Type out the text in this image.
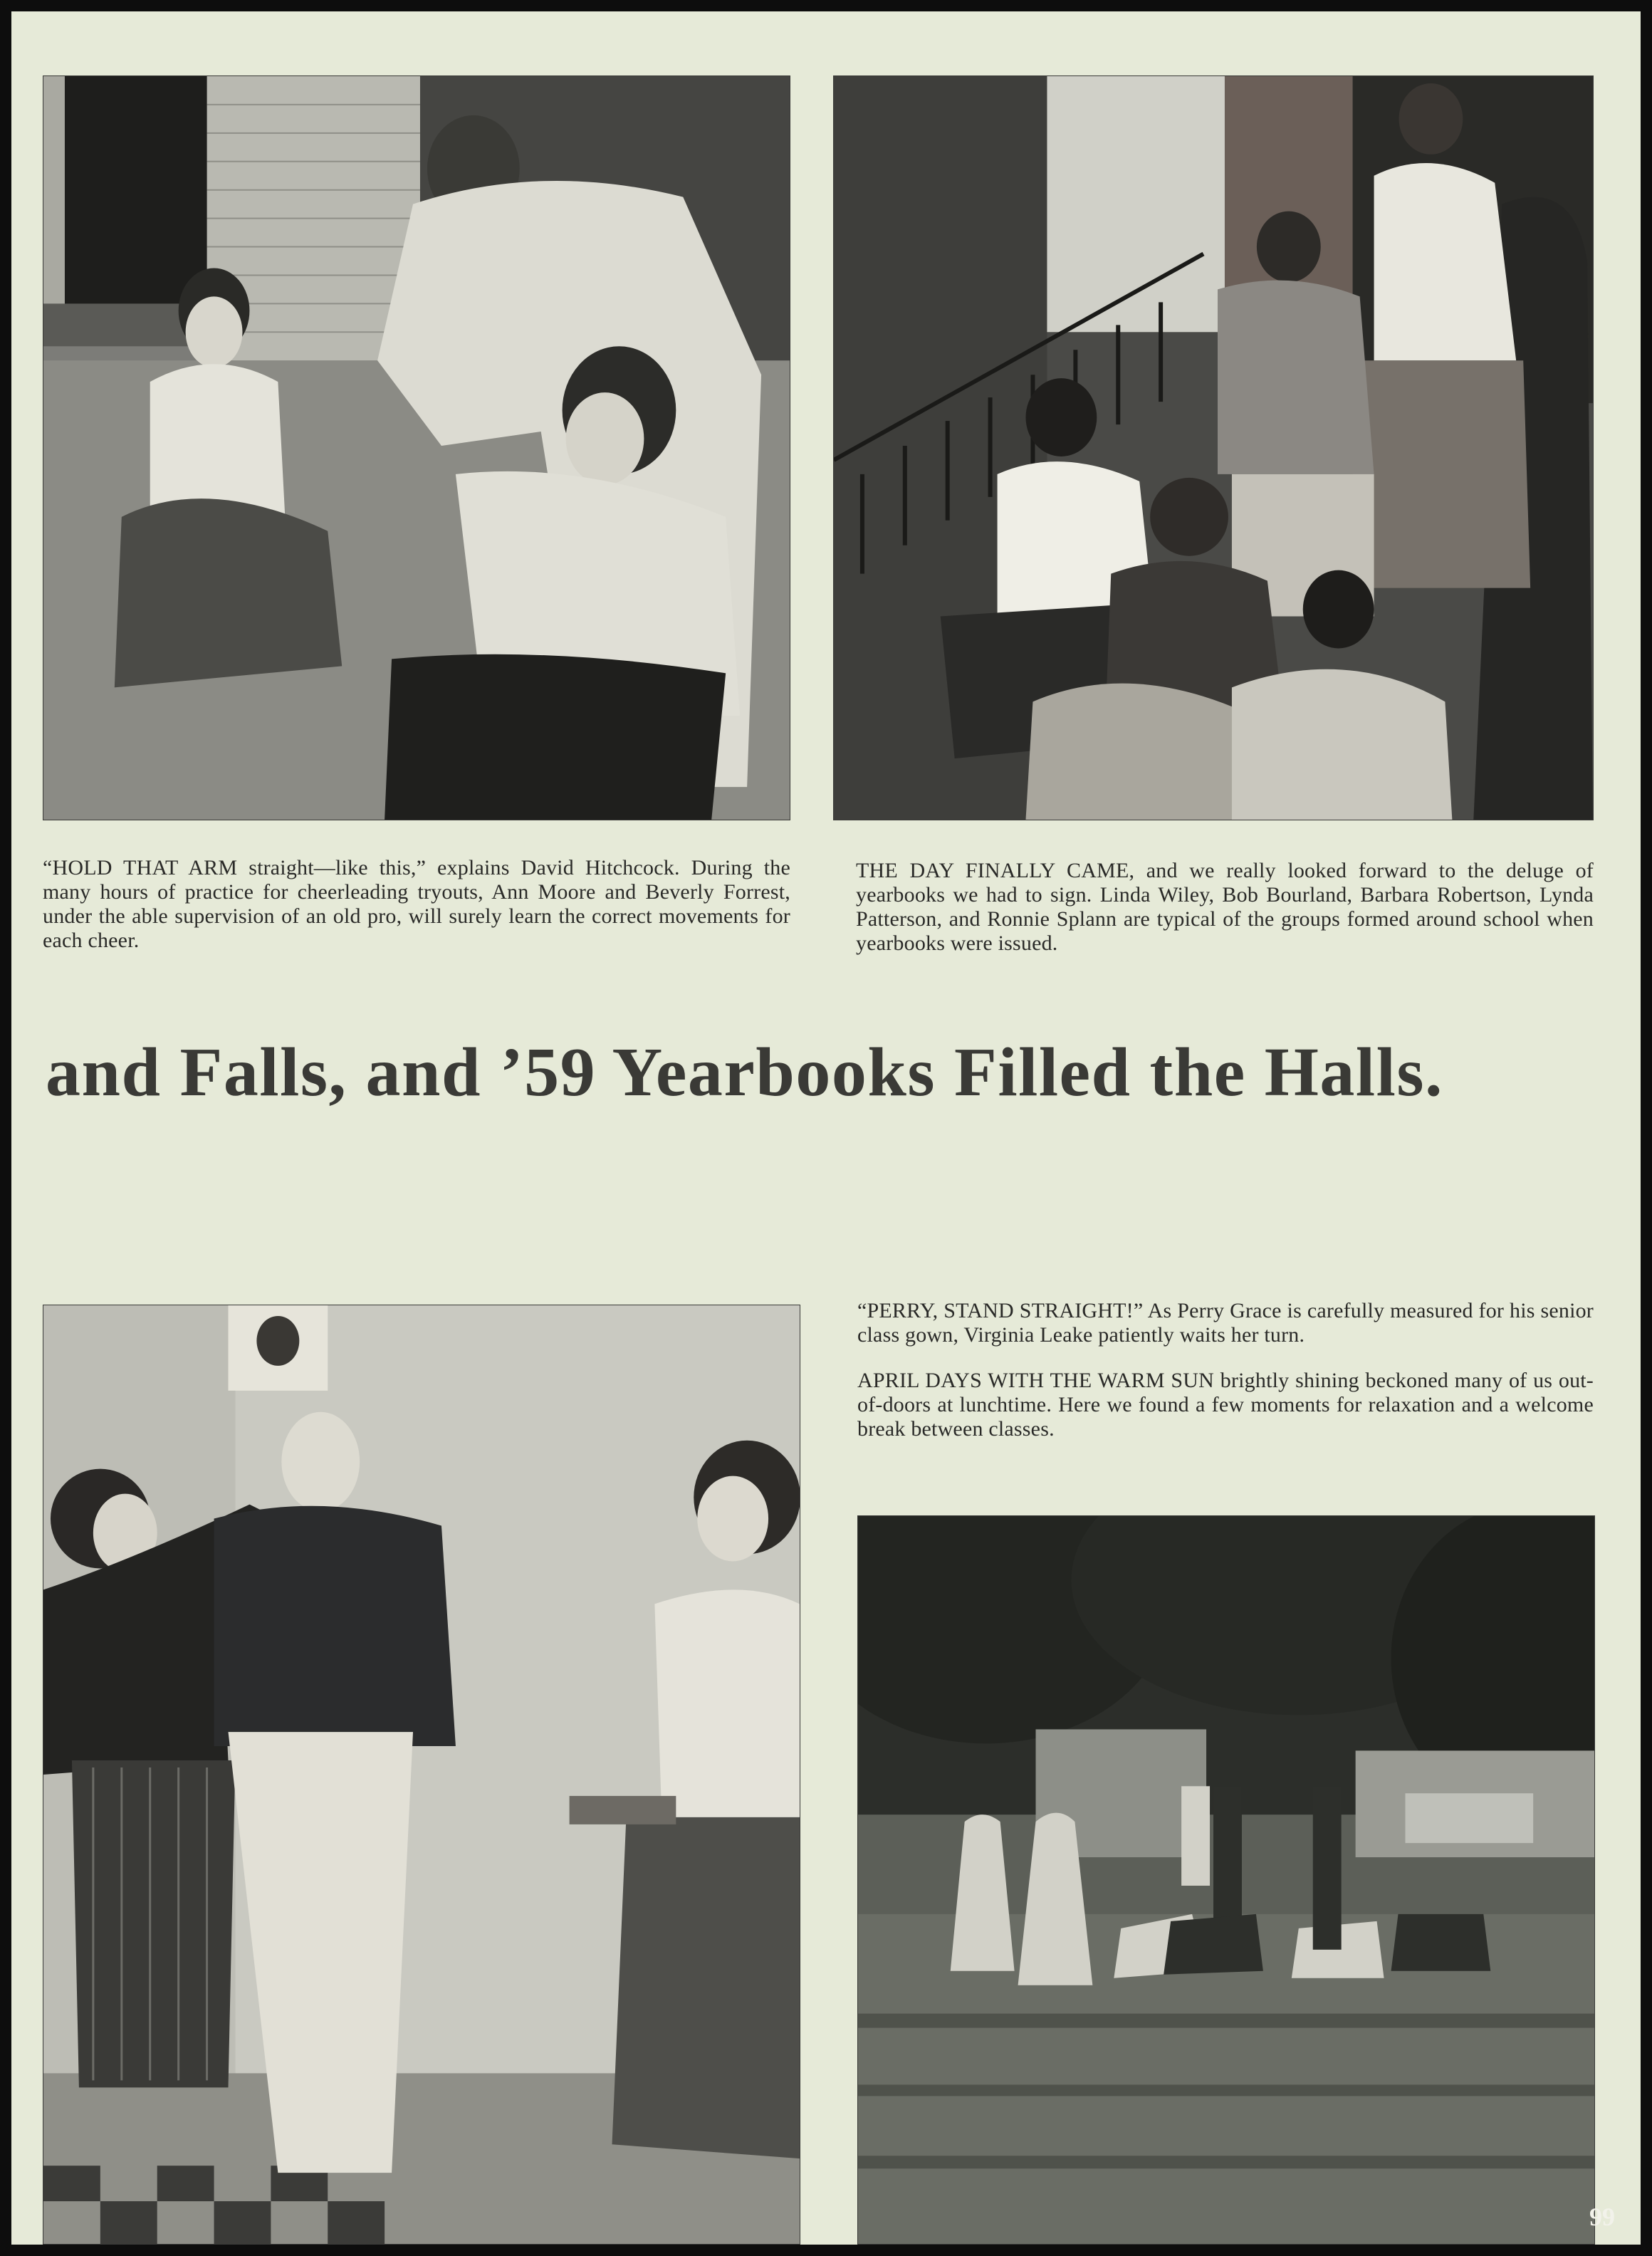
“HOLD THAT ARM straight—like this,” explains David Hitchcock. During the many hours of practice for cheerleading tryouts, Ann Moore and Beverly Forrest, under the able supervision of an old pro, will surely learn the correct movements for each cheer.

THE DAY FINALLY CAME, and we really looked forward to the deluge of yearbooks we had to sign. Linda Wiley, Bob Bourland, Barbara Robertson, Lynda Patterson, and Ronnie Splann are typical of the groups formed around school when yearbooks were issued.

and Falls, and ’59 Yearbooks Filled the Halls.

“PERRY, STAND STRAIGHT!” As Perry Grace is carefully measured for his senior class gown, Virginia Leake patiently waits her turn.

APRIL DAYS WITH THE WARM SUN brightly shining beckoned many of us out-of-doors at lunchtime. Here we found a few moments for relaxation and a welcome break between classes.

99
